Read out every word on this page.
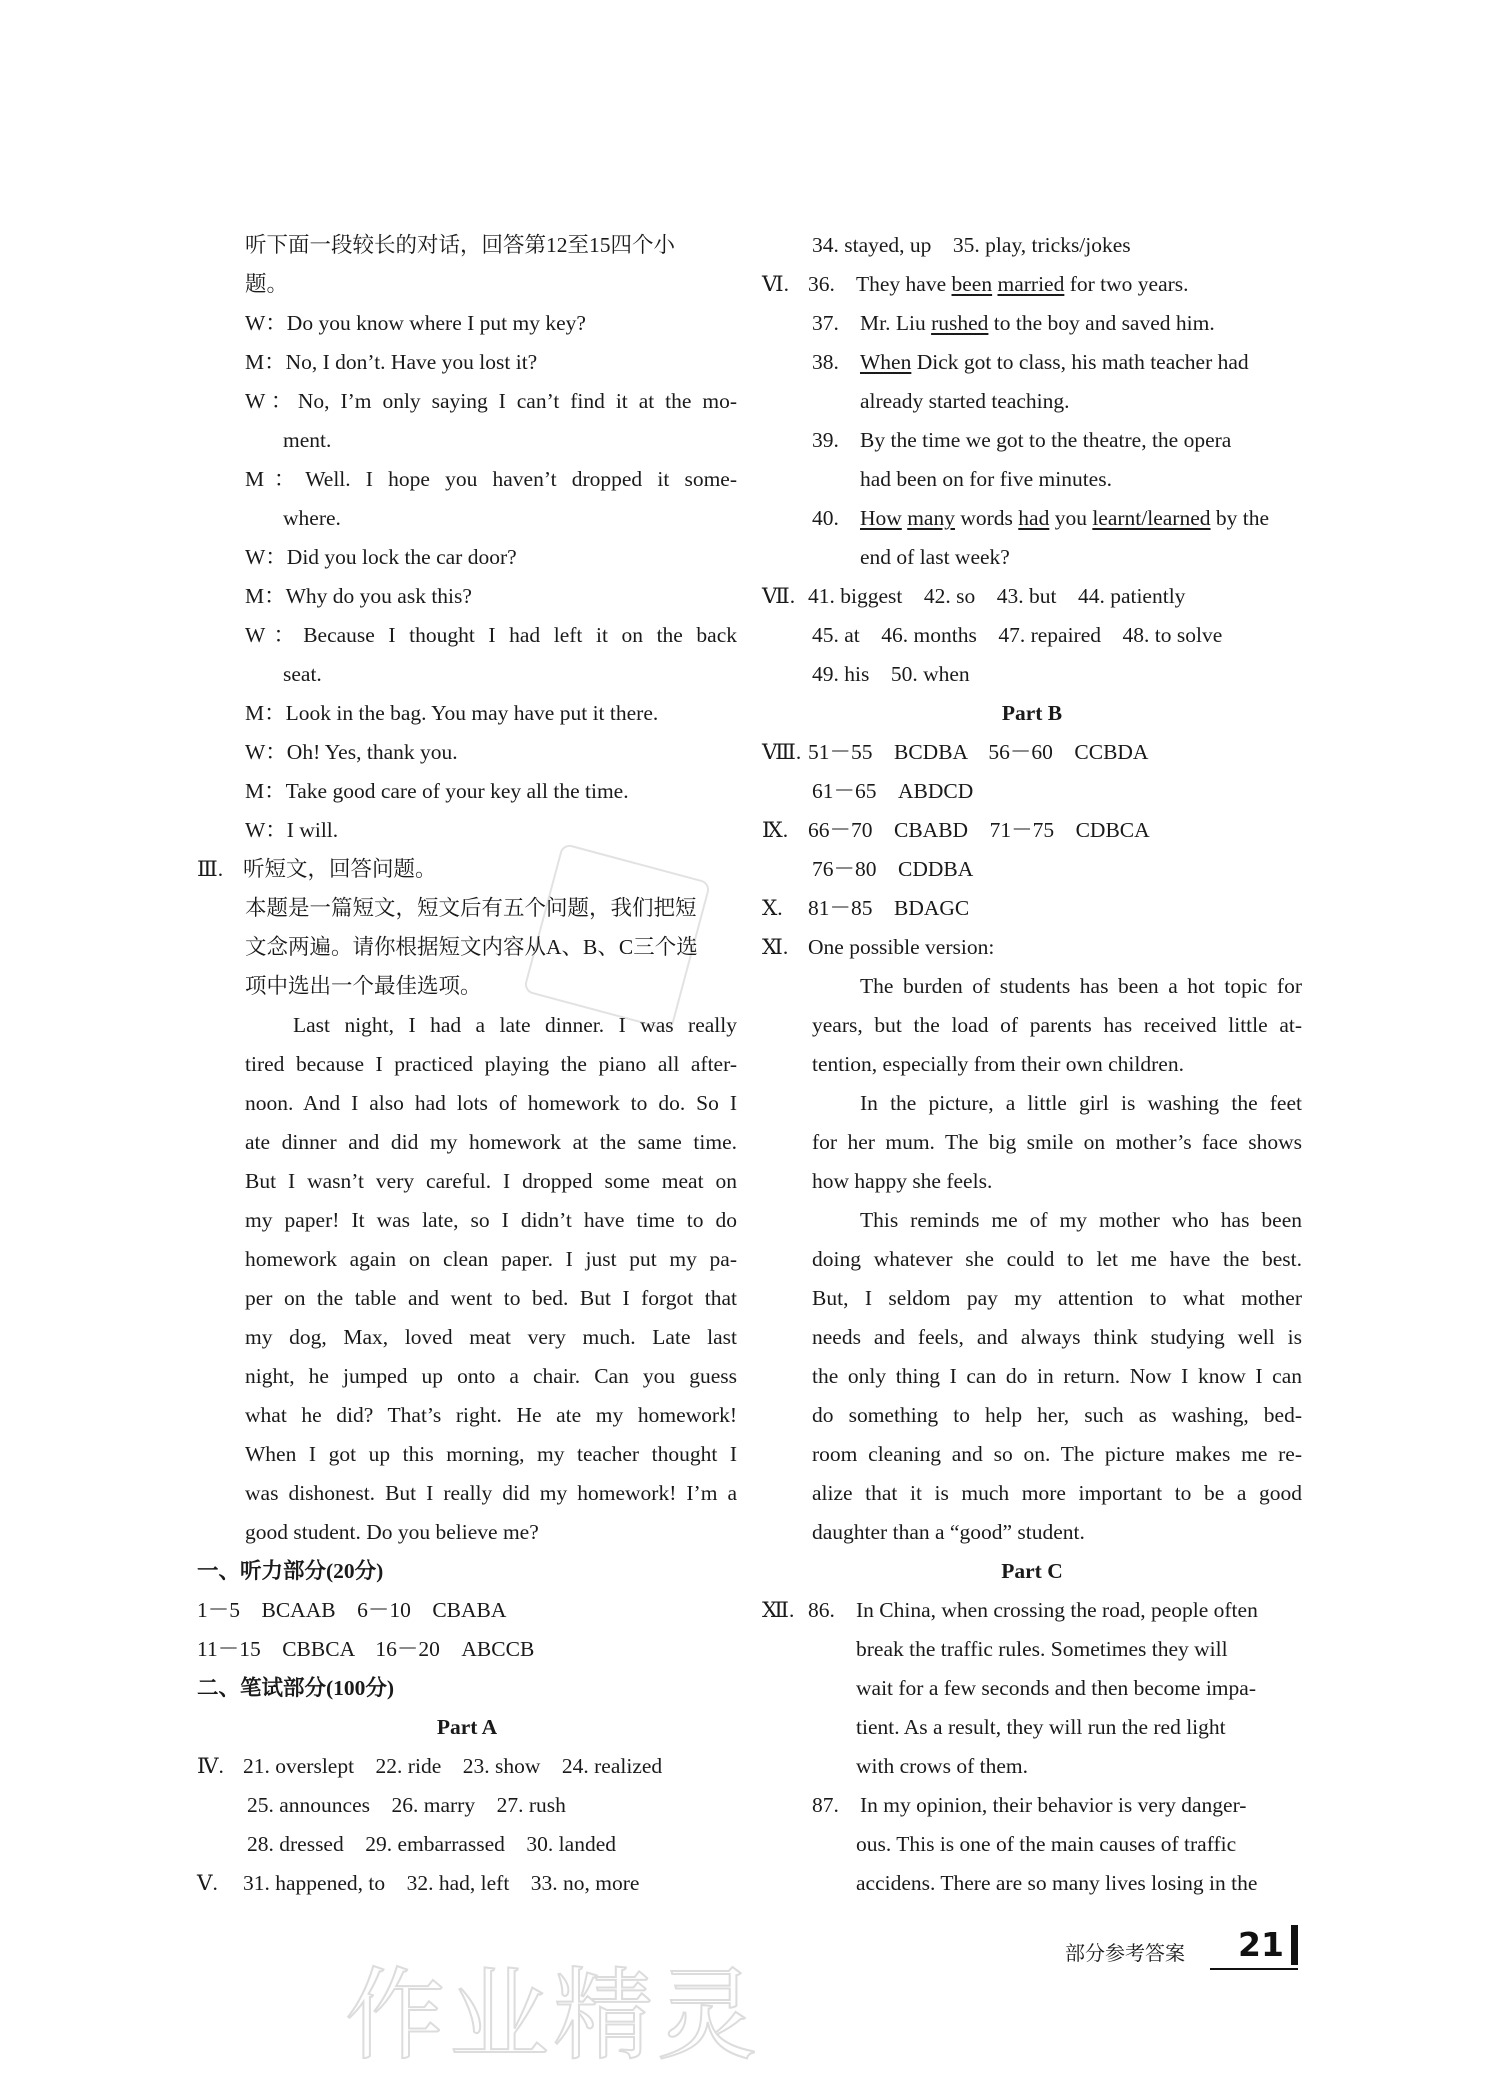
作业精灵
听下面一段较长的对话，回答第12至15四个小
题。
W：Do you know where I put my key?
M：No, I don’t. Have you lost it?
W：No, I’m only saying I can’t find it at the mo-
ment.
M：Well. I hope you haven’t dropped it some-
where.
W：Did you lock the car door?
M：Why do you ask this?
W：Because I thought I had left it on the back
seat.
M：Look in the bag. You may have put it there.
W：Oh! Yes, thank you.
M：Take good care of your key all the time.
W：I will.
Ⅲ. 听短文，回答问题。
本题是一篇短文，短文后有五个问题，我们把短
文念两遍。请你根据短文内容从A、B、C三个选
项中选出一个最佳选项。
Last night, I had a late dinner. I was really
tired because I practiced playing the piano all after-
noon. And I also had lots of homework to do. So I
ate dinner and did my homework at the same time.
But I wasn’t very careful. I dropped some meat on
my paper! It was late, so I didn’t have time to do
homework again on clean paper. I just put my pa-
per on the table and went to bed. But I forgot that
my dog, Max, loved meat very much. Late last
night, he jumped up onto a chair. Can you guess
what he did? That’s right. He ate my homework!
When I got up this morning, my teacher thought I
was dishonest. But I really did my homework! I’m a
good student. Do you believe me?
一、听力部分(20分)
1－5　BCAAB　6－10　CBABA
11－15　CBBCA　16－20　ABCCB
二、笔试部分(100分)
Part A
Ⅳ. 21. overslept　22. ride　23. show　24. realized
25. announces　26. marry　27. rush
28. dressed　29. embarrassed　30. landed
Ⅴ. 31. happened, to　32. had, left　33. no, more
34. stayed, up　35. play, tricks/jokes
Ⅵ. 36. They have been married for two years.
37. Mr. Liu rushed to the boy and saved him.
38. When Dick got to class, his math teacher had
already started teaching.
39. By the time we got to the theatre, the opera
had been on for five minutes.
40. How many words had you learnt/learned by the
end of last week?
Ⅶ. 41. biggest　42. so　43. but　44. patiently
45. at　46. months　47. repaired　48. to solve
49. his　50. when
Part B
Ⅷ. 51－55　BCDBA　56－60　CCBDA
61－65　ABDCD
Ⅸ. 66－70　CBABD　71－75　CDBCA
76－80　CDDBA
Ⅹ. 81－85　BDAGC
Ⅺ. One possible version:
The burden of students has been a hot topic for
years, but the load of parents has received little at-
tention, especially from their own children.
In the picture, a little girl is washing the feet
for her mum. The big smile on mother’s face shows
how happy she feels.
This reminds me of my mother who has been
doing whatever she could to let me have the best.
But, I seldom pay my attention to what mother
needs and feels, and always think studying well is
the only thing I can do in return. Now I know I can
do something to help her, such as washing, bed-
room cleaning and so on. The picture makes me re-
alize that it is much more important to be a good
daughter than a “good” student.
Part C
Ⅻ. 86. In China, when crossing the road, people often
break the traffic rules. Sometimes they will
wait for a few seconds and then become impa-
tient. As a result, they will run the red light
with crows of them.
87. In my opinion, their behavior is very danger-
ous. This is one of the main causes of traffic
accidens. There are so many lives losing in the
部分参考答案 21
